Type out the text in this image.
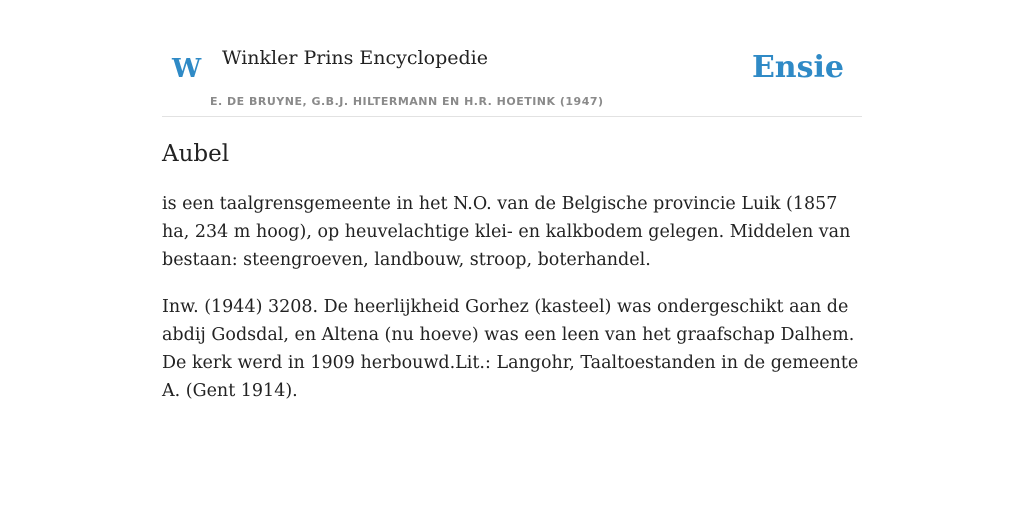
W Winkler Prins Encyclopedie
E. DE BRUYNE, G.B.J. HILTERMANN EN H.R. HOETINK (1947)
Ensie
Aubel

is een taalgrensgemeente in het N.O. van de Belgische provincie Luik (1857 ha, 234 m hoog), op heuvelachtige klei- en kalkbodem gelegen. Middelen van bestaan: steengroeven, landbouw, stroop, boterhandel.

Inw. (1944) 3208. De heerlijkheid Gorhez (kasteel) was ondergeschikt aan de abdij Godsdal, en Altena (nu hoeve) was een leen van het graafschap Dalhem. De kerk werd in 1909 herbouwd.Lit.: Langohr, Taaltoestanden in de gemeente A. (Gent 1914).
